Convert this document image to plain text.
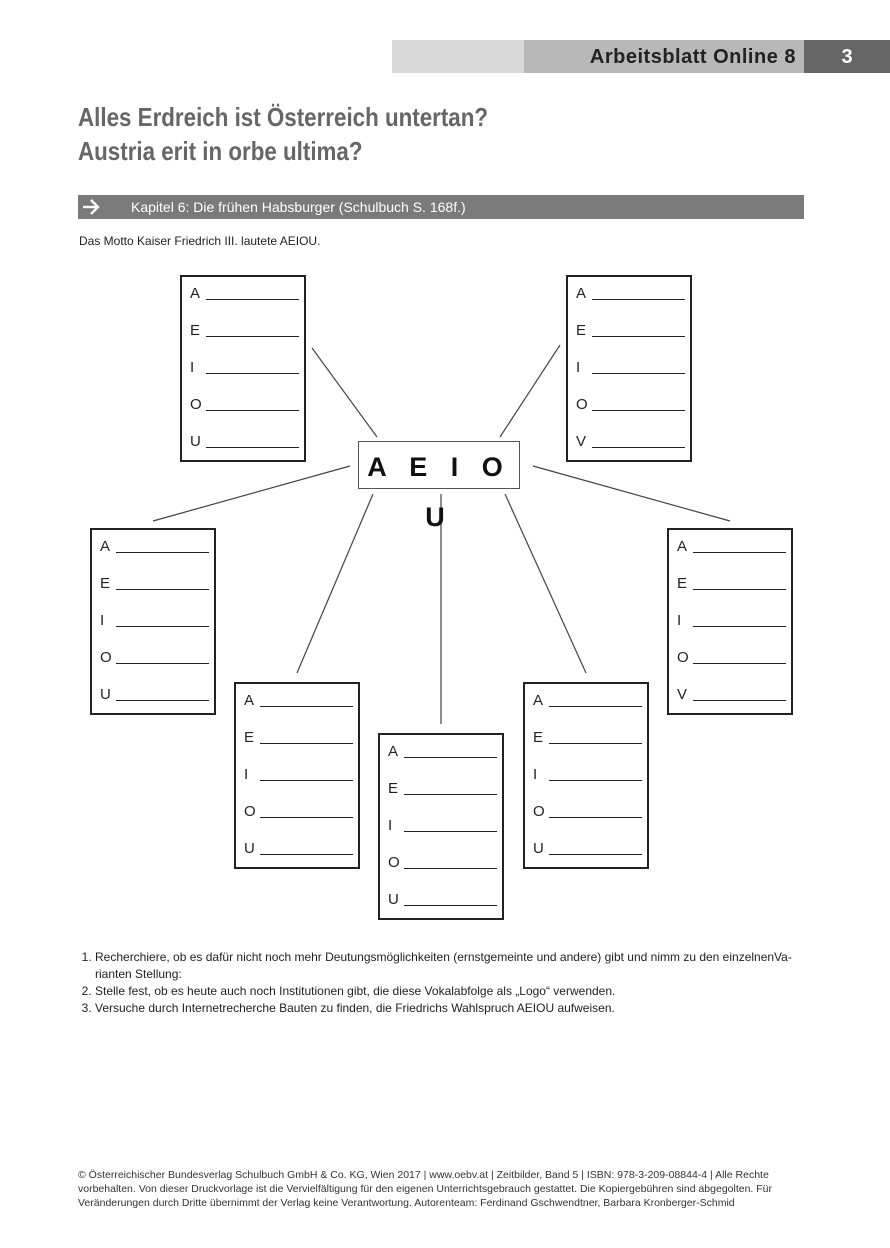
Arbeitsblatt Online 8	3
Alles Erdreich ist Österreich untertan?
Austria erit in orbe ultima?
Kapitel 6: Die frühen Habsburger (Schulbuch S. 168f.)
Das Motto Kaiser Friedrich III. lautete AEIOU.
A E I O U
A
E
I
O
U
A
E
I
O
V
A
E
I
O
U
A
E
I
O
V
A
E
I
O
U
A
E
I
O
U
A
E
I
O
U
1. Recherchiere, ob es dafür nicht noch mehr Deutungsmöglichkeiten (ernstgemeinte und andere) gibt und nimm zu den einzelnenVa-rianten Stellung:
2. Stelle fest, ob es heute auch noch Institutionen gibt, die diese Vokalabfolge als „Logo“ verwenden.
3. Versuche durch Internetrecherche Bauten zu finden, die Friedrichs Wahlspruch AEIOU aufweisen.
© Österreichischer Bundesverlag Schulbuch GmbH & Co. KG, Wien 2017 | www.oebv.at | Zeitbilder, Band 5 | ISBN: 978-3-209-08844-4 | Alle Rechte vorbehalten. Von dieser Druckvorlage ist die Vervielfältigung für den eigenen Unterrichtsgebrauch gestattet. Die Kopiergebühren sind abgegolten. Für Veränderungen durch Dritte übernimmt der Verlag keine Verantwortung. Autorenteam: Ferdinand Gschwendtner, Barbara Kronberger-Schmid
